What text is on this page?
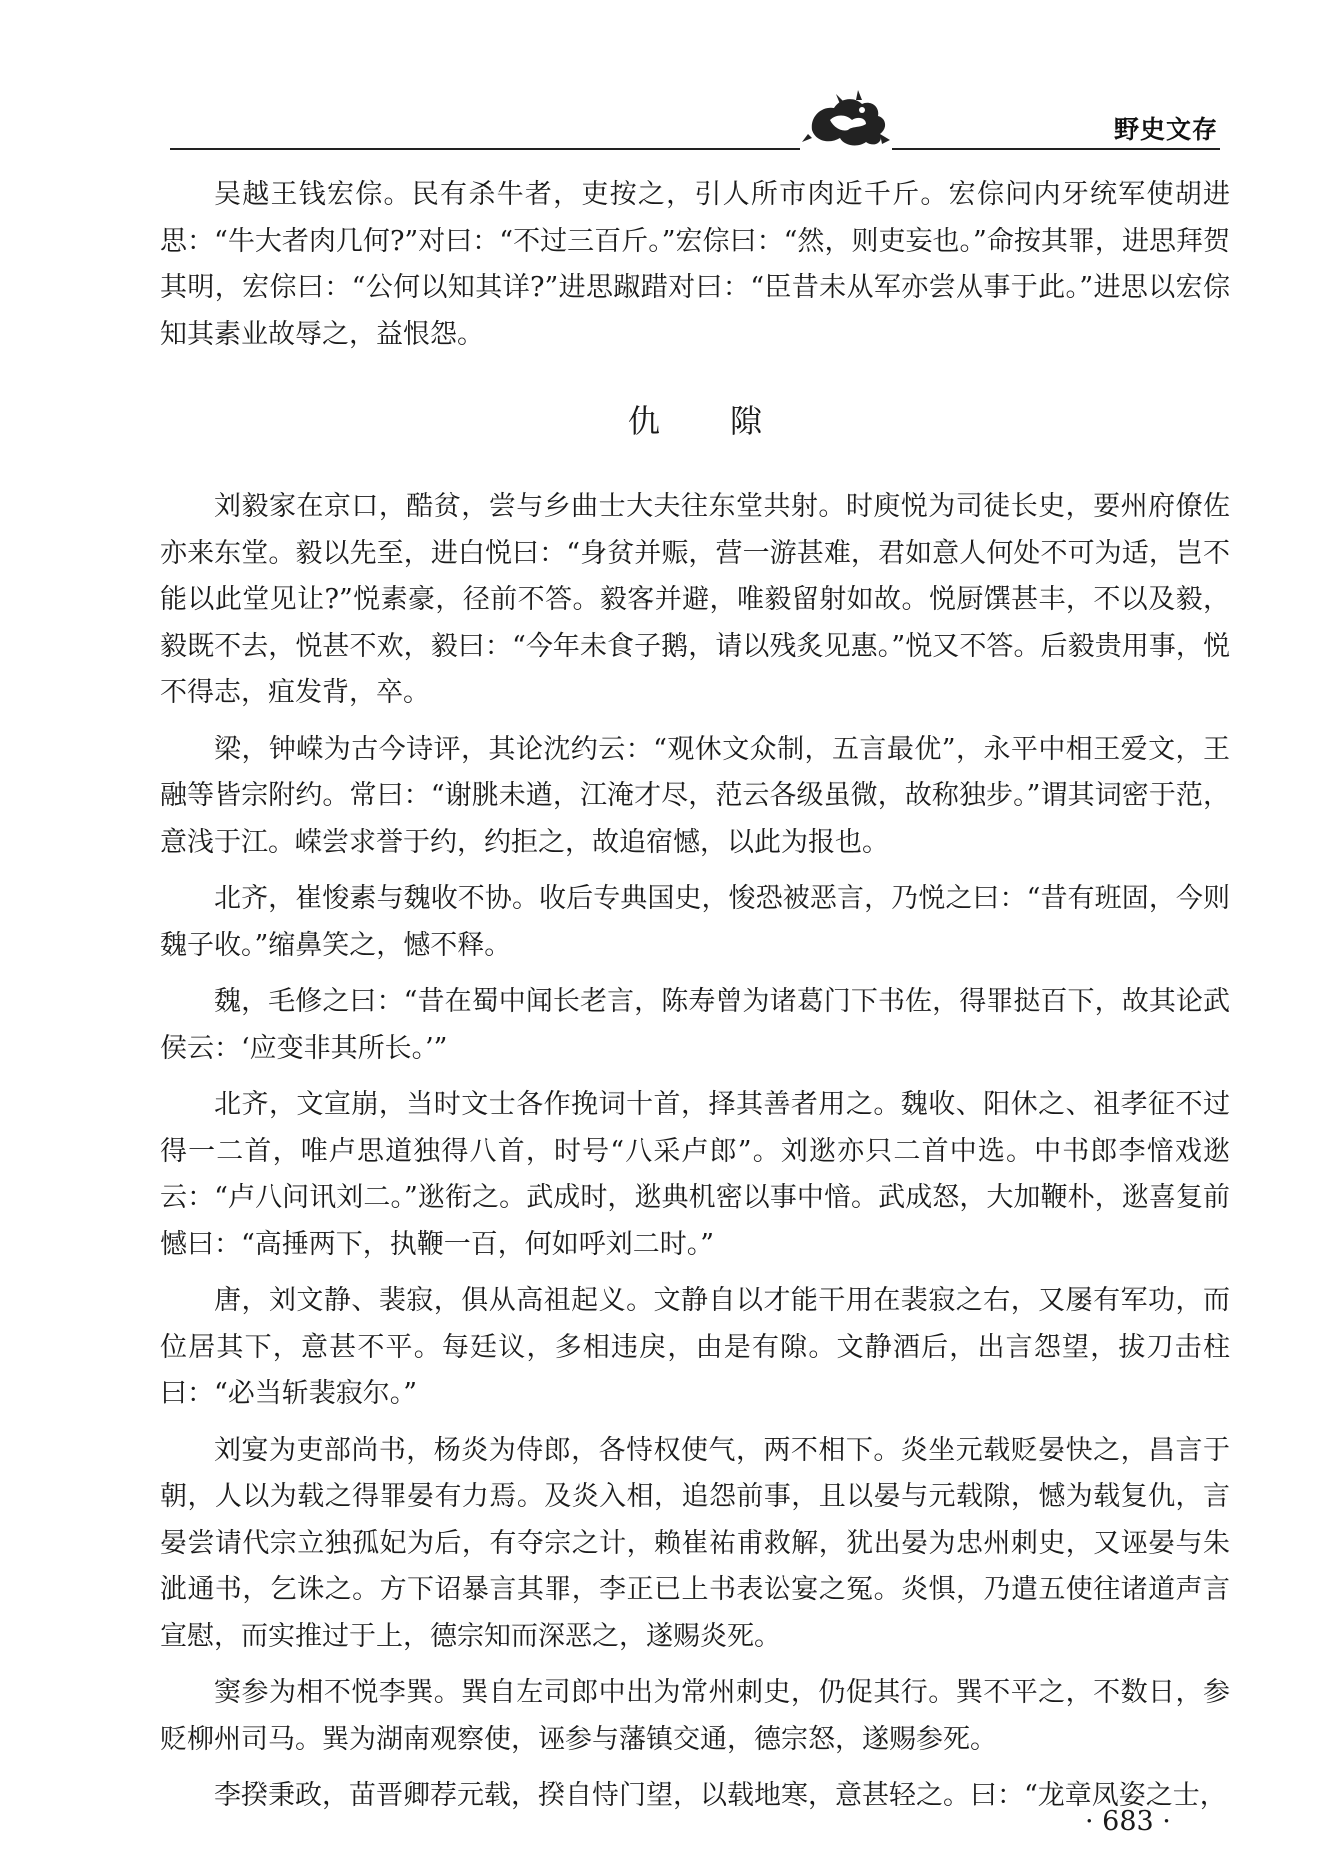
野史文存

吴越王钱宏倧。民有杀牛者，吏按之，引人所市肉近千斤。宏倧问内牙统军使胡进思：“牛大者肉几何?”对曰：“不过三百斤。”宏倧曰：“然，则吏妄也。”命按其罪，进思拜贺其明，宏倧曰：“公何以知其详?”进思踧踖对曰：“臣昔未从军亦尝从事于此。”进思以宏倧知其素业故辱之，益恨怨。

仇 隙

刘毅家在京口，酷贫，尝与乡曲士大夫往东堂共射。时庾悦为司徒长史，要州府僚佐亦来东堂。毅以先至，进白悦曰：“身贫并赈，营一游甚难，君如意人何处不可为适，岂不能以此堂见让?”悦素豪，径前不答。毅客并避，唯毅留射如故。悦厨馔甚丰，不以及毅，毅既不去，悦甚不欢，毅曰：“今年未食子鹅，请以残炙见惠。”悦又不答。后毅贵用事，悦不得志，疽发背，卒。

梁，钟嵘为古今诗评，其论沈约云：“观休文众制，五言最优”，永平中相王爱文，王融等皆宗附约。常曰：“谢朓未遒，江淹才尽，范云各级虽微，故称独步。”谓其词密于范，意浅于江。嵘尝求誉于约，约拒之，故追宿憾，以此为报也。

北齐，崔悛素与魏收不协。收后专典国史，悛恐被恶言，乃悦之曰：“昔有班固，今则魏子收。”缩鼻笑之，憾不释。

魏，毛修之曰：“昔在蜀中闻长老言，陈寿曾为诸葛门下书佐，得罪挞百下，故其论武侯云：‘应变非其所长。’”

北齐，文宣崩，当时文士各作挽词十首，择其善者用之。魏收、阳休之、祖孝征不过得一二首，唯卢思道独得八首，时号“八采卢郎”。刘逖亦只二首中选。中书郎李愔戏逖云：“卢八问讯刘二。”逖衔之。武成时，逖典机密以事中愔。武成怒，大加鞭朴，逖喜复前憾曰：“高捶两下，执鞭一百，何如呼刘二时。”

唐，刘文静、裴寂，俱从高祖起义。文静自以才能干用在裴寂之右，又屡有军功，而位居其下，意甚不平。每廷议，多相违戾，由是有隙。文静酒后，出言怨望，拔刀击柱曰：“必当斩裴寂尔。”

刘宴为吏部尚书，杨炎为侍郎，各恃权使气，两不相下。炎坐元载贬晏快之，昌言于朝，人以为载之得罪晏有力焉。及炎入相，追怨前事，且以晏与元载隙，憾为载复仇，言晏尝请代宗立独孤妃为后，有夺宗之计，赖崔祐甫救解，犹出晏为忠州刺史，又诬晏与朱泚通书，乞诛之。方下诏暴言其罪，李正已上书表讼宴之冤。炎惧，乃遣五使往诸道声言宣慰，而实推过于上，德宗知而深恶之，遂赐炎死。

窦参为相不悦李巽。巽自左司郎中出为常州刺史，仍促其行。巽不平之，不数日，参贬柳州司马。巽为湖南观察使，诬参与藩镇交通，德宗怒，遂赐参死。

李揆秉政，苗晋卿荐元载，揆自恃门望，以载地寒，意甚轻之。曰：“龙章凤姿之士，

· 683 ·
